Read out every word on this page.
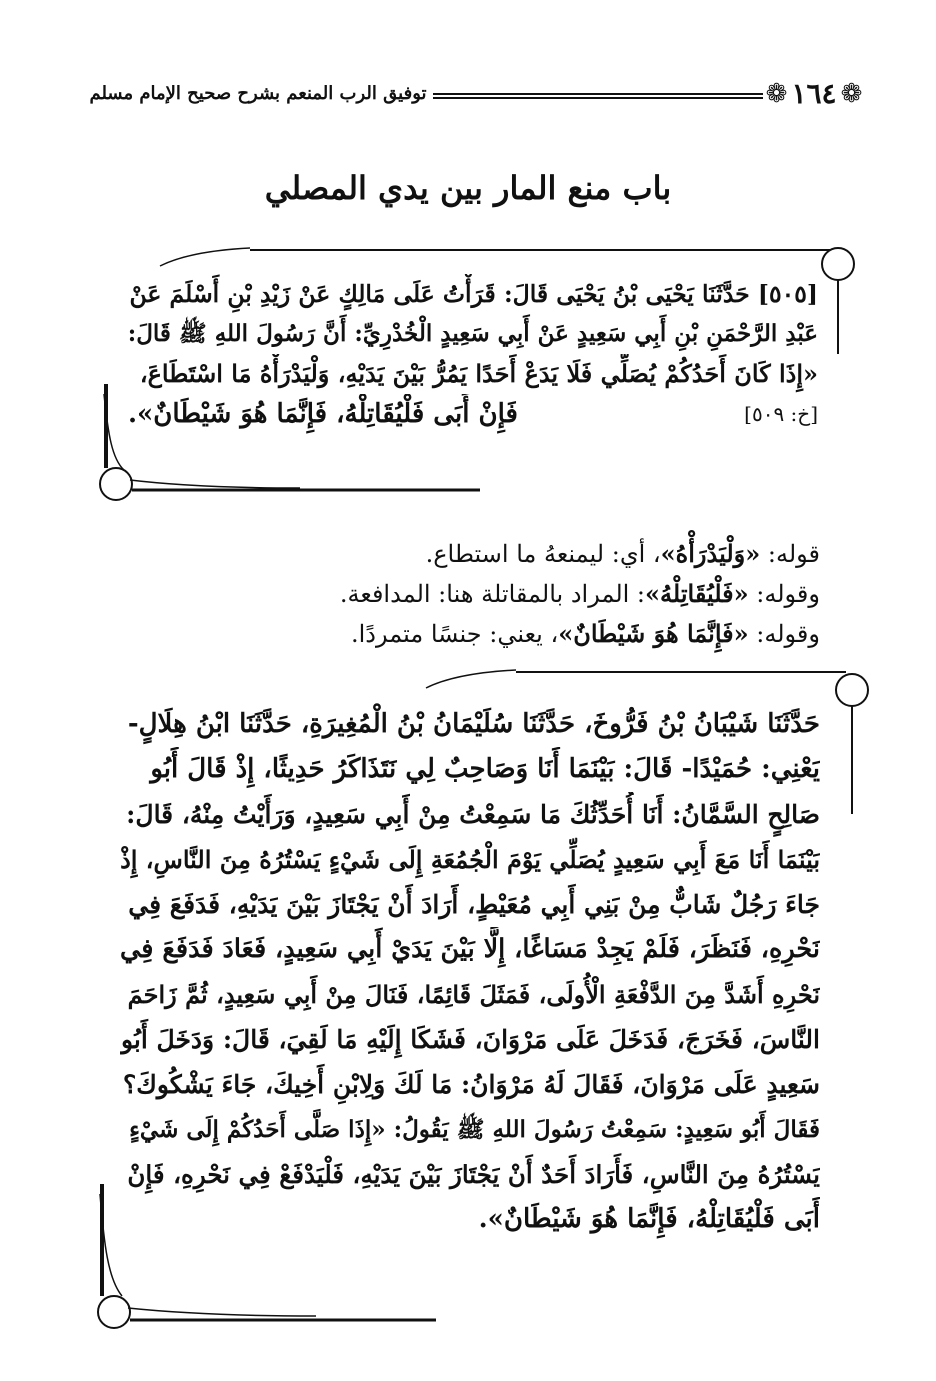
توفيق الرب المنعم بشرح صحيح الإمام مسلم	❁ ١٦٤ ❁
باب منع المار بين يدي المصلي
[٥٠٥] حَدَّثَنَا يَحْيَى بْنُ يَحْيَى قَالَ: قَرَأْتُ عَلَى مَالِكٍ عَنْ زَيْدِ بْنِ أَسْلَمَ عَنْ
عَبْدِ الرَّحْمَنِ بْنِ أَبِي سَعِيدٍ عَنْ أَبِي سَعِيدٍ الْخُدْرِيِّ: أَنَّ رَسُولَ اللهِ ﷺ قَالَ:
«إِذَا كَانَ أَحَدُكُمْ يُصَلِّي فَلَا يَدَعْ أَحَدًا يَمُرُّ بَيْنَ يَدَيْهِ، وَلْيَدْرَأْهُ مَا اسْتَطَاعَ،
فَإِنْ أَبَى فَلْيُقَاتِلْهُ، فَإِنَّمَا هُوَ شَيْطَانٌ».	[خ: ٥٠٩]
قوله: «وَلْيَدْرَأْهُ»، أي: ليمنعهُ ما استطاع.
وقوله: «فَلْيُقَاتِلْهُ»: المراد بالمقاتلة هنا: المدافعة.
وقوله: «فَإِنَّمَا هُوَ شَيْطَانٌ»، يعني: جنسًا متمردًا.
حَدَّثَنَا شَيْبَانُ بْنُ فَرُّوخَ، حَدَّثَنَا سُلَيْمَانُ بْنُ الْمُغِيرَةِ، حَدَّثَنَا ابْنُ هِلَالٍ-
يَعْنِي: حُمَيْدًا- قَالَ: بَيْنَمَا أَنَا وَصَاحِبٌ لِي نَتَذَاكَرُ حَدِيثًا، إِذْ قَالَ أَبُو
صَالِحٍ السَّمَّانُ: أَنَا أُحَدِّثُكَ مَا سَمِعْتُ مِنْ أَبِي سَعِيدٍ، وَرَأَيْتُ مِنْهُ، قَالَ:
بَيْنَمَا أَنَا مَعَ أَبِي سَعِيدٍ يُصَلِّي يَوْمَ الْجُمُعَةِ إِلَى شَيْءٍ يَسْتُرُهُ مِنَ النَّاسِ، إِذْ
جَاءَ رَجُلٌ شَابٌّ مِنْ بَنِي أَبِي مُعَيْطٍ، أَرَادَ أَنْ يَجْتَازَ بَيْنَ يَدَيْهِ، فَدَفَعَ فِي
نَحْرِهِ، فَنَظَرَ، فَلَمْ يَجِدْ مَسَاغًا، إِلَّا بَيْنَ يَدَيْ أَبِي سَعِيدٍ، فَعَادَ فَدَفَعَ فِي
نَحْرِهِ أَشَدَّ مِنَ الدَّفْعَةِ الْأُولَى، فَمَثَلَ قَائِمًا، فَنَالَ مِنْ أَبِي سَعِيدٍ، ثُمَّ زَاحَمَ
النَّاسَ، فَخَرَجَ، فَدَخَلَ عَلَى مَرْوَانَ، فَشَكَا إِلَيْهِ مَا لَقِيَ، قَالَ: وَدَخَلَ أَبُو
سَعِيدٍ عَلَى مَرْوَانَ، فَقَالَ لَهُ مَرْوَانُ: مَا لَكَ وَلِابْنِ أَخِيكَ، جَاءَ يَشْكُوكَ؟
فَقَالَ أَبُو سَعِيدٍ: سَمِعْتُ رَسُولَ اللهِ ﷺ يَقُولُ: «إِذَا صَلَّى أَحَدُكُمْ إِلَى شَيْءٍ
يَسْتُرُهُ مِنَ النَّاسِ، فَأَرَادَ أَحَدٌ أَنْ يَجْتَازَ بَيْنَ يَدَيْهِ، فَلْيَدْفَعْ فِي نَحْرِهِ، فَإِنْ
أَبَى فَلْيُقَاتِلْهُ، فَإِنَّمَا هُوَ شَيْطَانٌ».
